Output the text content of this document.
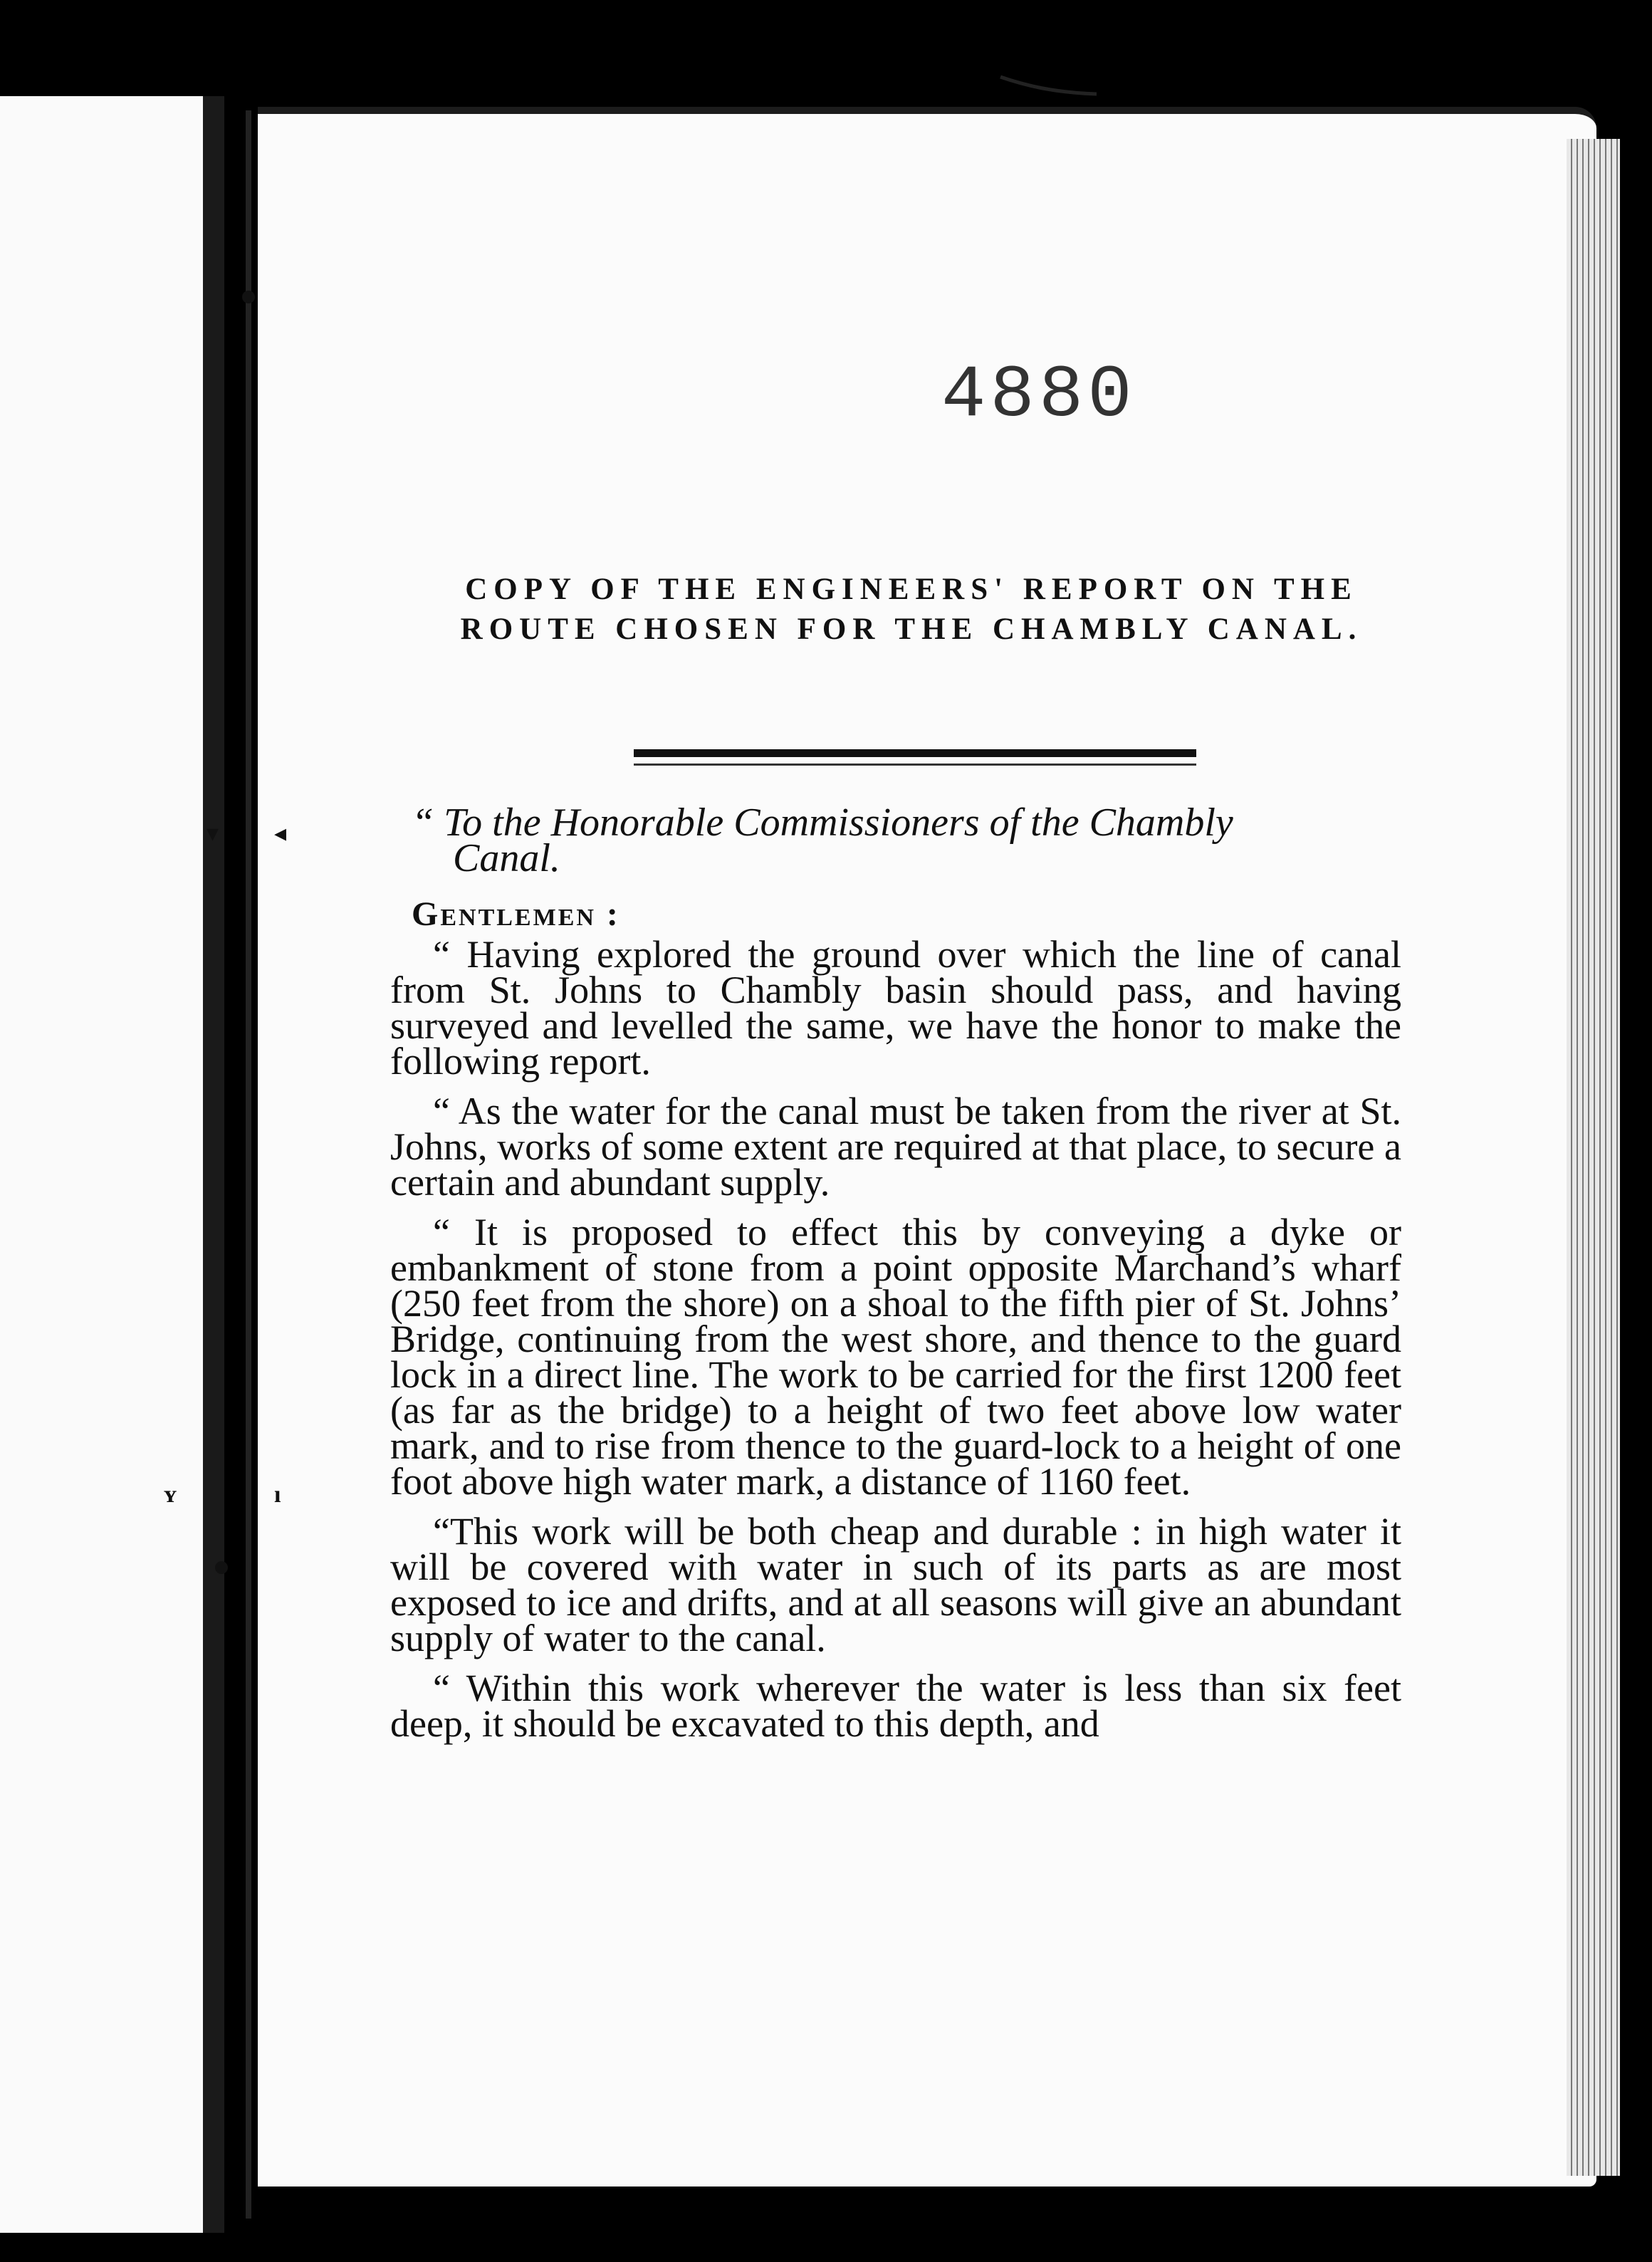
▾ ◂
ʏ	ı
4880
COPY OF THE ENGINEERS' REPORT ON THE
ROUTE CHOSEN FOR THE CHAMBLY CANAL.
“ To the Honorable Commissioners of the Chambly
Canal.
Gentlemen :

“ Having explored the ground over which the line of canal from St. Johns to Chambly basin should pass, and having surveyed and levelled the same, we have the honor to make the following report.

“ As the water for the canal must be taken from the river at St. Johns, works of some extent are required at that place, to secure a certain and abundant supply.

“ It is proposed to effect this by conveying a dyke or embankment of stone from a point opposite Marchand’s wharf (250 feet from the shore) on a shoal to the fifth pier of St. Johns’ Bridge, continuing from the west shore, and thence to the guard lock in a direct line. The work to be carried for the first 1200 feet (as far as the bridge) to a height of two feet above low water mark, and to rise from thence to the guard-lock to a height of one foot above high water mark, a distance of 1160 feet.

“This work will be both cheap and durable : in high water it will be covered with water in such of its parts as are most exposed to ice and drifts, and at all seasons will give an abundant supply of water to the canal.

“ Within this work wherever the water is less than six feet deep, it should be excavated to this depth, and
